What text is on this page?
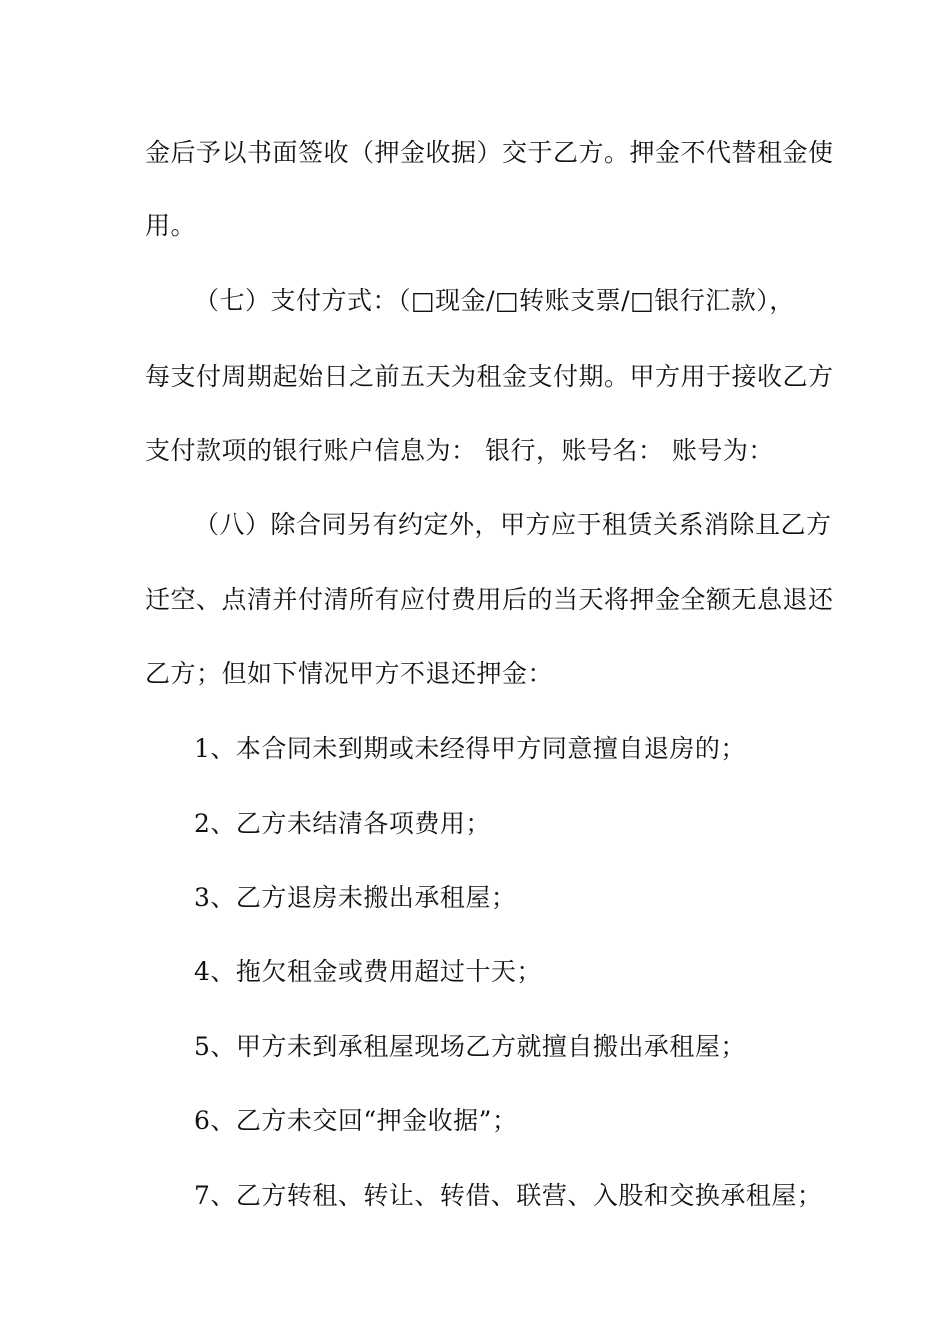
金后予以书面签收（押金收据）交于乙方。押金不代替租金使
用。
（七）支付方式：（□现金/□转账支票/□银行汇款），
每支付周期起始日之前五天为租金支付期。甲方用于接收乙方
支付款项的银行账户信息为： 银行，账号名： 账号为：
（八）除合同另有约定外，甲方应于租赁关系消除且乙方
迁空、点清并付清所有应付费用后的当天将押金全额无息退还
乙方；但如下情况甲方不退还押金：
1、本合同未到期或未经得甲方同意擅自退房的；
2、乙方未结清各项费用；
3、乙方退房未搬出承租屋；
4、拖欠租金或费用超过十天；
5、甲方未到承租屋现场乙方就擅自搬出承租屋；
6、乙方未交回“押金收据”；
7、乙方转租、转让、转借、联营、入股和交换承租屋；
